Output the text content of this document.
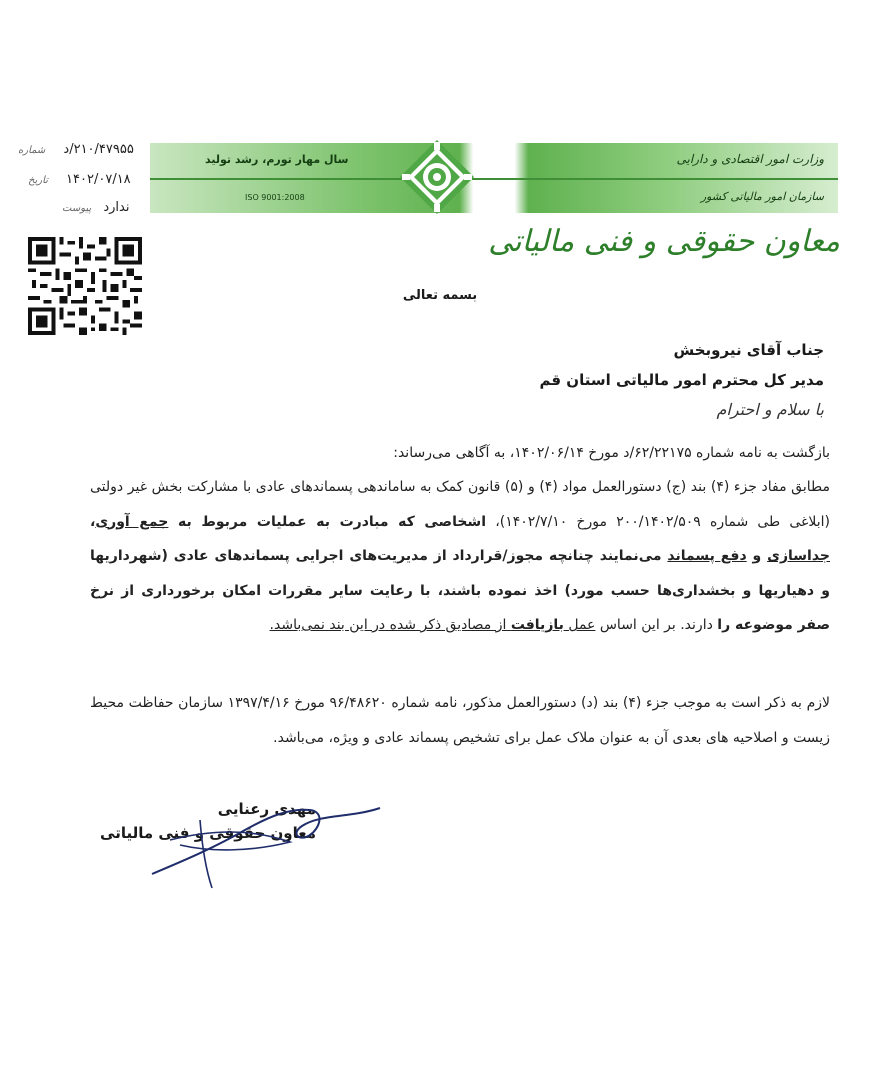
وزارت امور اقتصادی و دارایی
سازمان امور مالیاتی کشور
سال مهار تورم، رشد تولید
ISO 9001:2008
۲۱۰/۴۷۹۵۵/د شماره
۱۴۰۲/۰۷/۱۸ تاریخ
ندارد پیوست
معاون حقوقی و فنی مالیاتی
بسمه تعالی
جناب آقای نیروبخش
مدیر کل محترم امور مالیاتی استان قم
با سلام و احترام
بازگشت به نامه شماره ۶۲/۲۲۱۷۵/د مورخ ۱۴۰۲/۰۶/۱۴، به آگاهی می‌رساند:
مطابق مفاد جزء (۴) بند (ج) دستورالعمل مواد (۴) و (۵) قانون کمک به ساماندهی پسماندهای عادی با مشارکت بخش غیر دولتی (ابلاغی طی شماره ۲۰۰/۱۴۰۲/۵۰۹ مورخ ۱۴۰۲/۷/۱۰)، اشخاصی که مبادرت به عملیات مربوط به جمع آوری، جداسازی و دفع پسماند می‌نمایند چنانچه مجوز/قرارداد از مدیریت‌های اجرایی پسماندهای عادی (شهرداریها و دهیاریها و بخشداری‌ها حسب مورد) اخذ نموده باشند، با رعایت سایر مقررات امکان برخورداری از نرخ صفر موضوعه را دارند. بر این اساس عمل بازیافت از مصادیق ذکر شده در این بند نمی‌باشد.
لازم به ذکر است به موجب جزء (۴) بند (د) دستورالعمل مذکور، نامه شماره ۹۶/۴۸۶۲۰ مورخ ۱۳۹۷/۴/۱۶ سازمان حفاظت محیط زیست و اصلاحیه های بعدی آن به عنوان ملاک عمل برای تشخیص پسماند عادی و ویژه، می‌باشد.
مهدی رعنایی
معاون حقوقی و فنی مالیاتی
